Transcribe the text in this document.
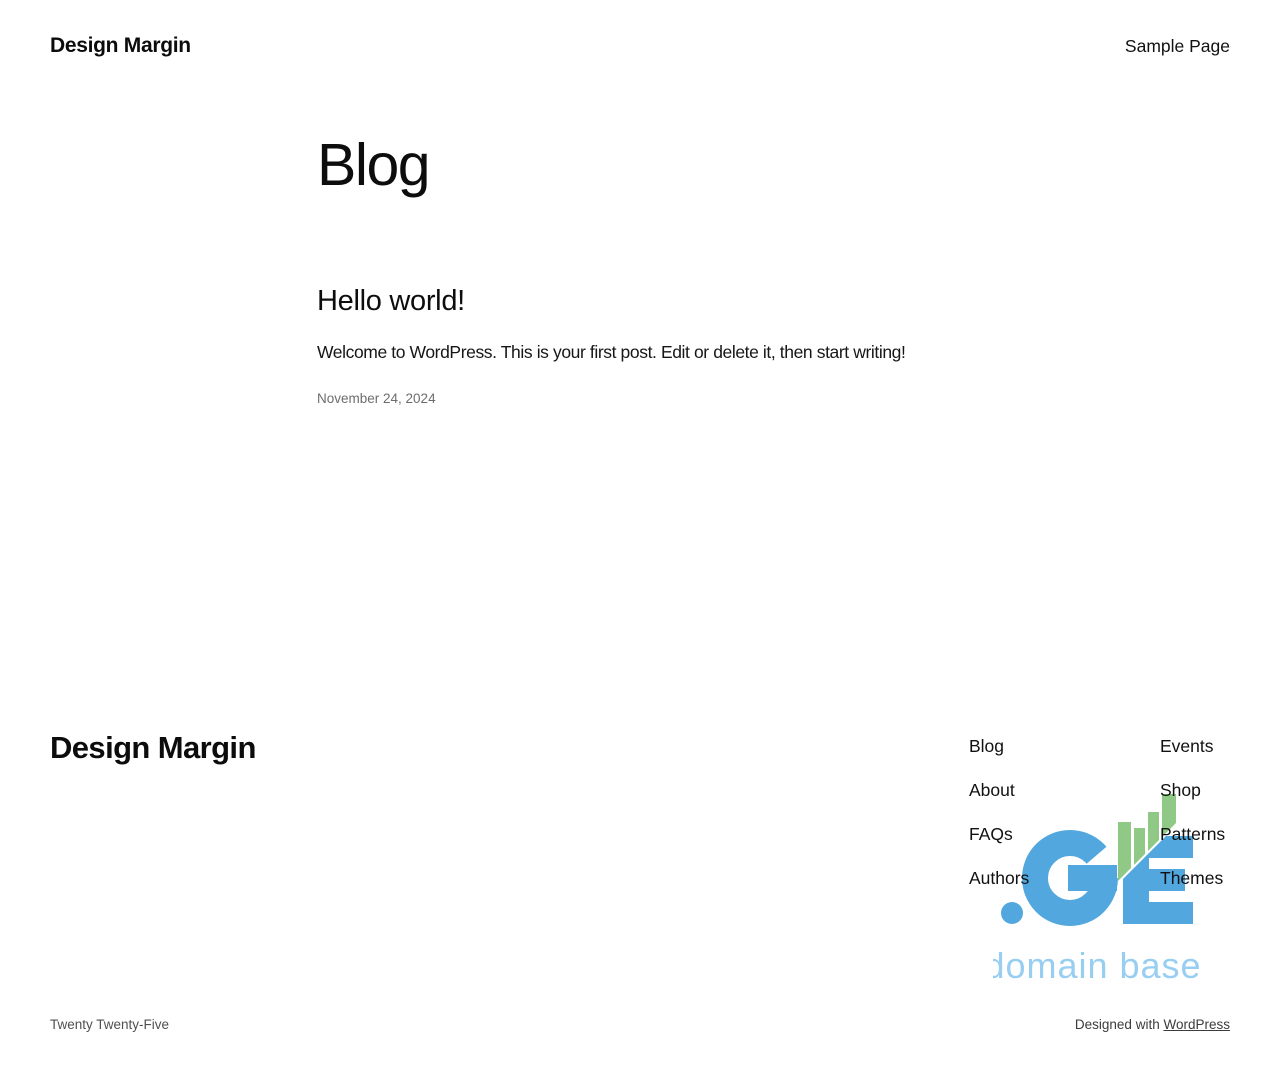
Design Margin	Sample Page
Blog
Hello world!

Welcome to WordPress. This is your first post. Edit or delete it, then start writing!

November 24, 2024
domain base
Design Margin	Blog
About
FAQs
Authors
Events
Shop
Patterns
Themes
Twenty Twenty-Five	Designed with WordPress
